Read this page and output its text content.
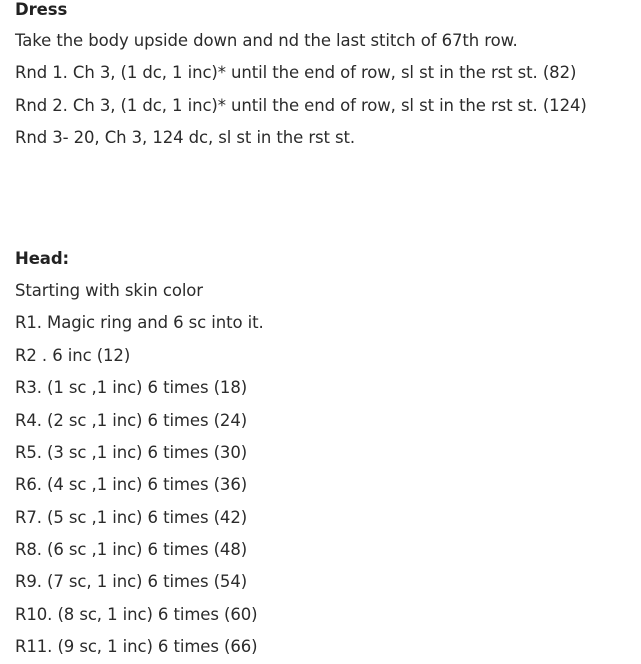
Dress
Take the body upside down and nd the last stitch of 67th row.
Rnd 1. Ch 3, (1 dc, 1 inc)* until the end of row, sl st in the rst st. (82)
Rnd 2. Ch 3, (1 dc, 1 inc)* until the end of row, sl st in the rst st. (124)
Rnd 3- 20, Ch 3, 124 dc, sl st in the rst st.
Head:
Starting with skin color
R1. Magic ring and 6 sc into it.
R2 . 6 inc (12)
R3. (1 sc ,1 inc) 6 times (18)
R4. (2 sc ,1 inc) 6 times (24)
R5. (3 sc ,1 inc) 6 times (30)
R6. (4 sc ,1 inc) 6 times (36)
R7. (5 sc ,1 inc) 6 times (42)
R8. (6 sc ,1 inc) 6 times (48)
R9. (7 sc, 1 inc) 6 times (54)
R10. (8 sc, 1 inc) 6 times (60)
R11. (9 sc, 1 inc) 6 times (66)
